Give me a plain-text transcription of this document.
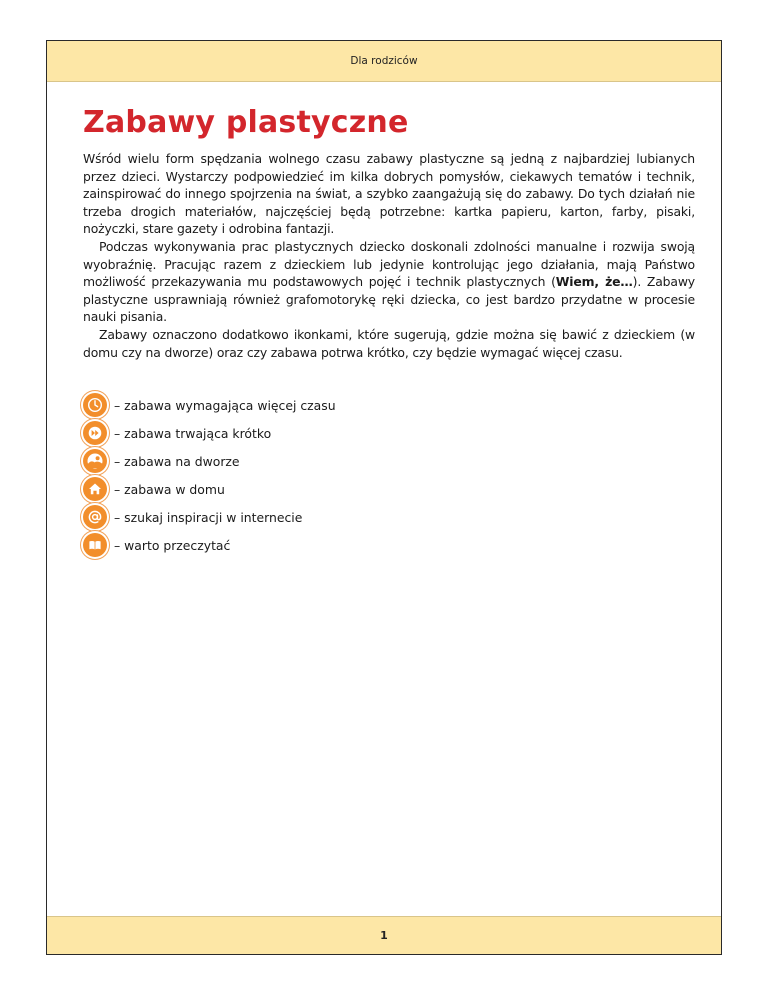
Dla rodziców
Zabawy plastyczne

Wśród wielu form spędzania wolnego czasu zabawy plastyczne są jedną z najbardziej lubianych przez dzieci. Wystarczy podpowiedzieć im kilka dobrych pomysłów, ciekawych tematów i technik, zainspirować do innego spojrzenia na świat, a szybko zaangażują się do zabawy. Do tych działań nie trzeba drogich materiałów, najczęściej będą potrzebne: kartka papieru, karton, farby, pisaki, nożyczki, stare gazety i odrobina fantazji.

Podczas wykonywania prac plastycznych dziecko doskonali zdolności manualne i rozwija swoją wyobraźnię. Pracując razem z dzieckiem lub jedynie kontrolując jego działania, mają Państwo możliwość przekazywania mu podstawowych pojęć i technik plastycznych (Wiem, że…). Zabawy plastyczne usprawniają również grafomotorykę ręki dziecka, co jest bardzo przydatne w procesie nauki pisania.

Zabawy oznaczono dodatkowo ikonkami, które sugerują, gdzie można się bawić z dzieckiem (w domu czy na dworze) oraz czy zabawa potrwa krótko, czy będzie wymagać więcej czasu.

– zabawa wymagająca więcej czasu
– zabawa trwająca krótko
– zabawa na dworze
– zabawa w domu
– szukaj inspiracji w internecie
– warto przeczytać
1
